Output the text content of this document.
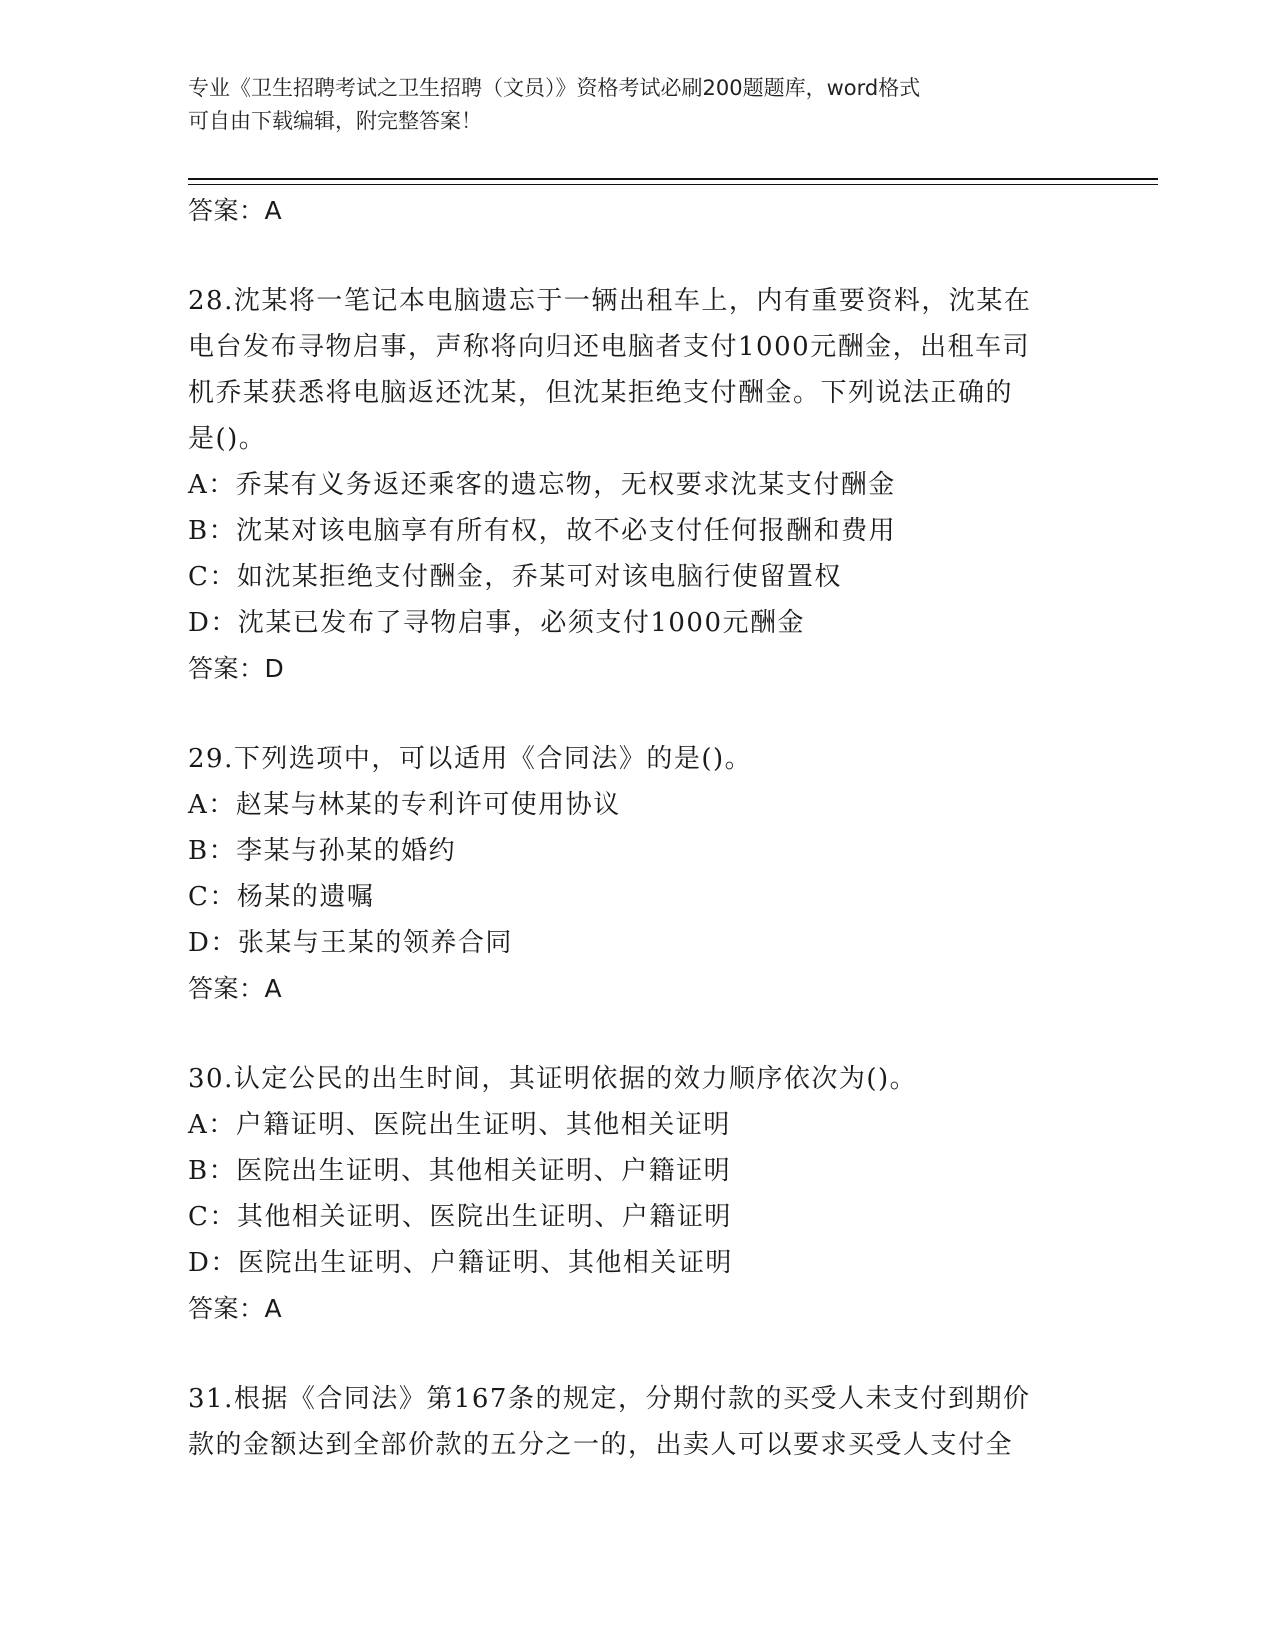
专业《卫生招聘考试之卫生招聘（文员）》资格考试必刷200题题库，word格式
可自由下载编辑，附完整答案！
答案：A
28.沈某将一笔记本电脑遗忘于一辆出租车上，内有重要资料，沈某在
电台发布寻物启事，声称将向归还电脑者支付1000元酬金，出租车司
机乔某获悉将电脑返还沈某，但沈某拒绝支付酬金。下列说法正确的
是()。
A：乔某有义务返还乘客的遗忘物，无权要求沈某支付酬金
B：沈某对该电脑享有所有权，故不必支付任何报酬和费用
C：如沈某拒绝支付酬金，乔某可对该电脑行使留置权
D：沈某已发布了寻物启事，必须支付1000元酬金
答案：D
29.下列选项中，可以适用《合同法》的是()。
A：赵某与林某的专利许可使用协议
B：李某与孙某的婚约
C：杨某的遗嘱
D：张某与王某的领养合同
答案：A
30.认定公民的出生时间，其证明依据的效力顺序依次为()。
A：户籍证明、医院出生证明、其他相关证明
B：医院出生证明、其他相关证明、户籍证明
C：其他相关证明、医院出生证明、户籍证明
D：医院出生证明、户籍证明、其他相关证明
答案：A
31.根据《合同法》第167条的规定，分期付款的买受人未支付到期价
款的金额达到全部价款的五分之一的，出卖人可以要求买受人支付全
